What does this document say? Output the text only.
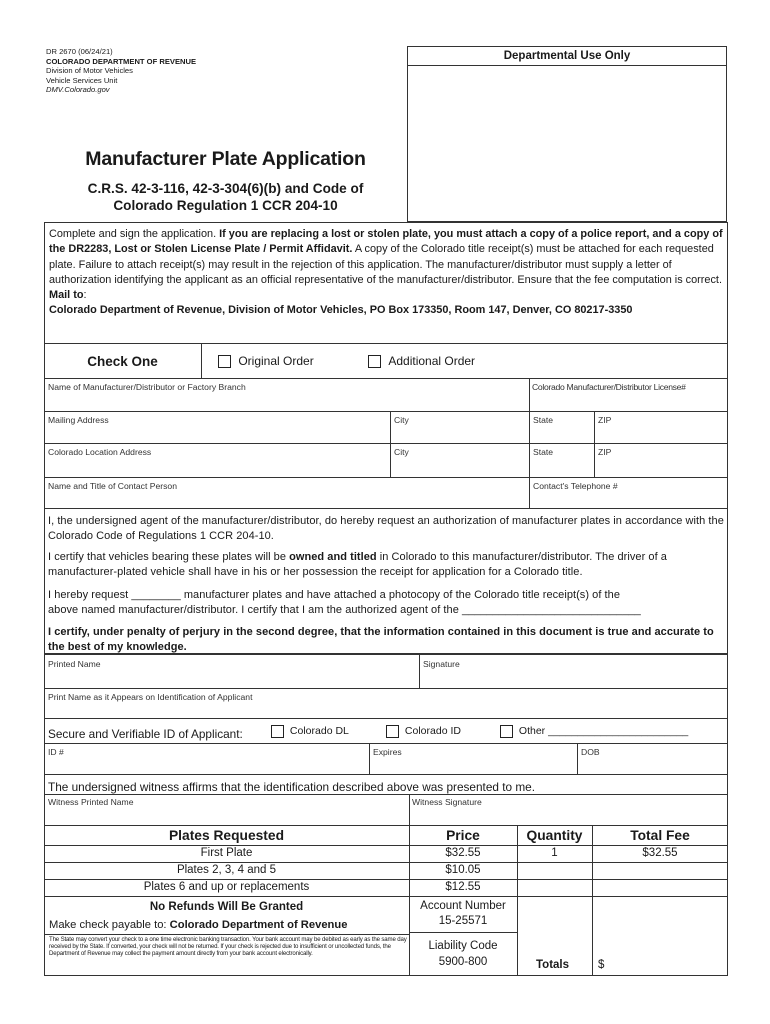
DR 2670 (06/24/21)
COLORADO DEPARTMENT OF REVENUE
Division of Motor Vehicles
Vehicle Services Unit
DMV.Colorado.gov
Departmental Use Only
Manufacturer Plate Application
C.R.S. 42-3-116, 42-3-304(6)(b) and Code of
Colorado Regulation 1 CCR 204-10
Complete and sign the application. If you are replacing a lost or stolen plate, you must attach a copy of a police report, and a copy of the DR2283, Lost or Stolen License Plate / Permit Affidavit. A copy of the Colorado title receipt(s) must be attached for each requested plate. Failure to attach receipt(s) may result in the rejection of this application. The manufacturer/distributor must supply a letter of authorization identifying the applicant as an official representative of the manufacturer/distributor. Ensure that the fee computation is correct.
Mail to:
Colorado Department of Revenue, Division of Motor Vehicles, PO Box 173350, Room 147, Denver, CO 80217-3350
Check One	Original Order	Additional Order
Name of Manufacturer/Distributor or Factory Branch	Colorado Manufacturer/Distributor License#
Mailing Address	City	State	ZIP
Colorado Location Address	City	State	ZIP
Name and Title of Contact Person	Contact's Telephone #
I, the undersigned agent of the manufacturer/distributor, do hereby request an authorization of manufacturer plates in accordance with the Colorado Code of Regulations 1 CCR 204-10.
I certify that vehicles bearing these plates will be owned and titled in Colorado to this manufacturer/distributor. The driver of a manufacturer-plated vehicle shall have in his or her possession the receipt for application for a Colorado title.
I hereby request ________ manufacturer plates and have attached a photocopy of the Colorado title receipt(s) of the
above named manufacturer/distributor. I certify that I am the authorized agent of the _____________________________
I certify, under penalty of perjury in the second degree, that the information contained in this document is true and accurate to the best of my knowledge.
Printed Name	Signature
Print Name as it Appears on Identification of Applicant
Secure and Verifiable ID of Applicant:	Colorado DL	Colorado ID	Other ________________________
ID #	Expires	DOB
The undersigned witness affirms that the identification described above was presented to me.
Witness Printed Name	Witness Signature
Plates Requested	Price	Quantity	Total Fee
First Plate	$32.55	1	$32.55
Plates 2, 3, 4 and 5	$10.05
Plates 6 and up or replacements	$12.55
No Refunds Will Be Granted
Make check payable to: Colorado Department of Revenue
The State may convert your check to a one time electronic banking transaction. Your bank account may be debited as early as the same day received by the State. If converted, your check will not be returned. If your check is rejected due to insufficient or uncollected funds, the Department of Revenue may collect the payment amount directly from your bank account electronically.
Account Number
15-25571
Liability Code
5900-800	Totals	$
